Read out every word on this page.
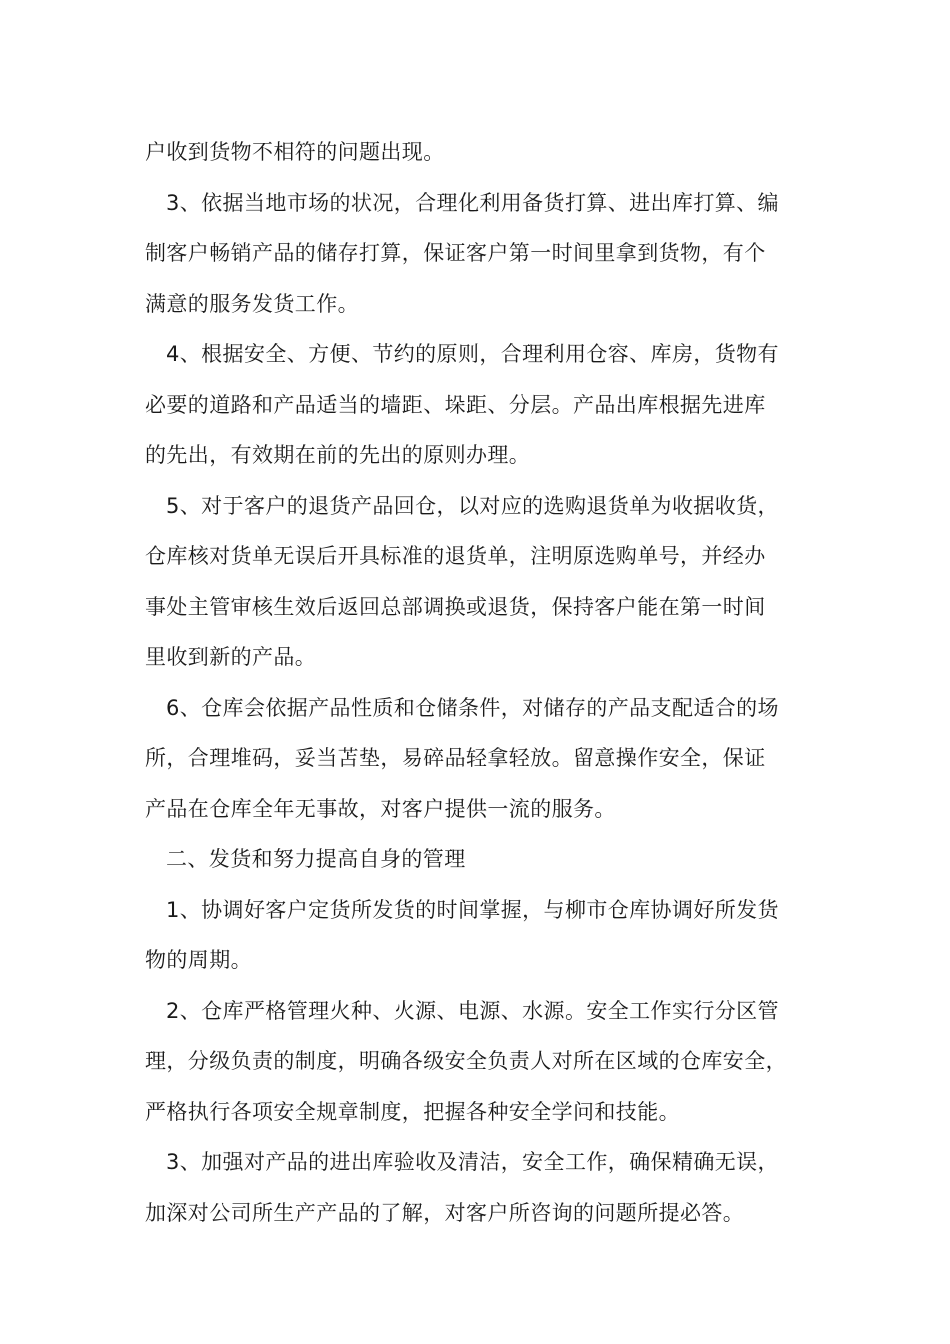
户收到货物不相符的问题出现。
3、依据当地市场的状况，合理化利用备货打算、进出库打算、编
制客户畅销产品的储存打算，保证客户第一时间里拿到货物，有个
满意的服务发货工作。
4、根据安全、方便、节约的原则，合理利用仓容、库房，货物有
必要的道路和产品适当的墙距、垛距、分层。产品出库根据先进库
的先出，有效期在前的先出的原则办理。
5、对于客户的退货产品回仓，以对应的选购退货单为收据收货，
仓库核对货单无误后开具标准的退货单，注明原选购单号，并经办
事处主管审核生效后返回总部调换或退货，保持客户能在第一时间
里收到新的产品。
6、仓库会依据产品性质和仓储条件，对储存的产品支配适合的场
所，合理堆码，妥当苫垫，易碎品轻拿轻放。留意操作安全，保证
产品在仓库全年无事故，对客户提供一流的服务。
二、发货和努力提高自身的管理
1、协调好客户定货所发货的时间掌握，与柳市仓库协调好所发货
物的周期。
2、仓库严格管理火种、火源、电源、水源。安全工作实行分区管
理，分级负责的制度，明确各级安全负责人对所在区域的仓库安全，
严格执行各项安全规章制度，把握各种安全学问和技能。
3、加强对产品的进出库验收及清洁，安全工作，确保精确无误，
加深对公司所生产产品的了解，对客户所咨询的问题所提必答。
